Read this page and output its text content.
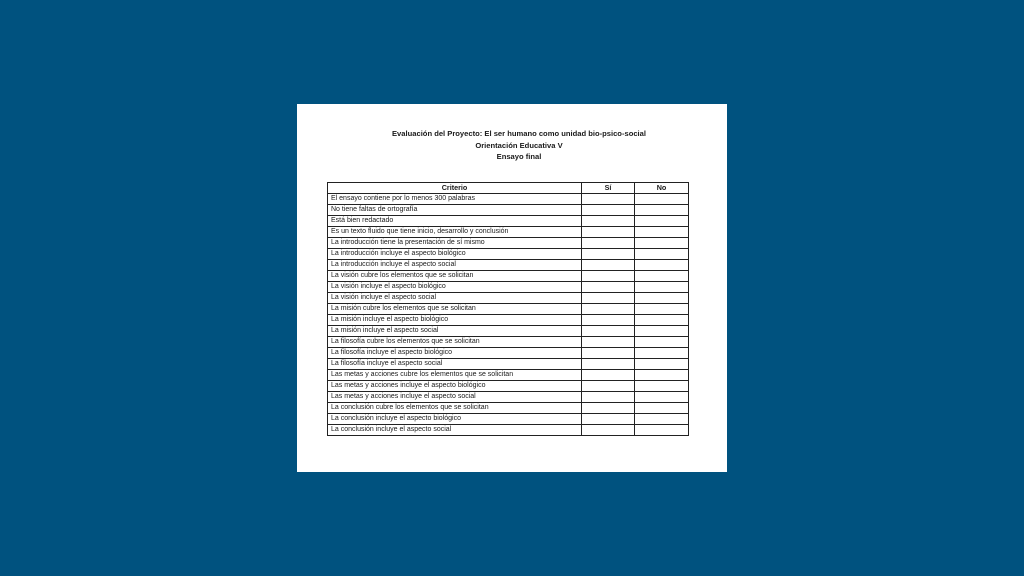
Evaluación del Proyecto: El ser humano como unidad bio-psico-social
Orientación Educativa V
Ensayo final
Criterio	Sí	No
El ensayo contiene por lo menos 300 palabras		
No tiene faltas de ortografía		
Está bien redactado		
Es un texto fluido que tiene inicio, desarrollo y conclusión		
La introducción tiene la presentación de sí mismo		
La introducción incluye el aspecto biológico		
La introducción incluye el aspecto social		
La visión cubre los elementos que se solicitan		
La visión incluye el aspecto biológico		
La visión incluye el aspecto social		
La misión cubre los elementos que se solicitan		
La misión incluye el aspecto biológico		
La misión incluye el aspecto social		
La filosofía cubre los elementos que se solicitan		
La filosofía incluye el aspecto biológico		
La filosofía incluye el aspecto social		
Las metas y acciones cubre los elementos que se solicitan		
Las metas y acciones incluye el aspecto biológico		
Las metas y acciones incluye el aspecto social		
La conclusión cubre los elementos que se solicitan		
La conclusión incluye el aspecto biológico		
La conclusión incluye el aspecto social		
